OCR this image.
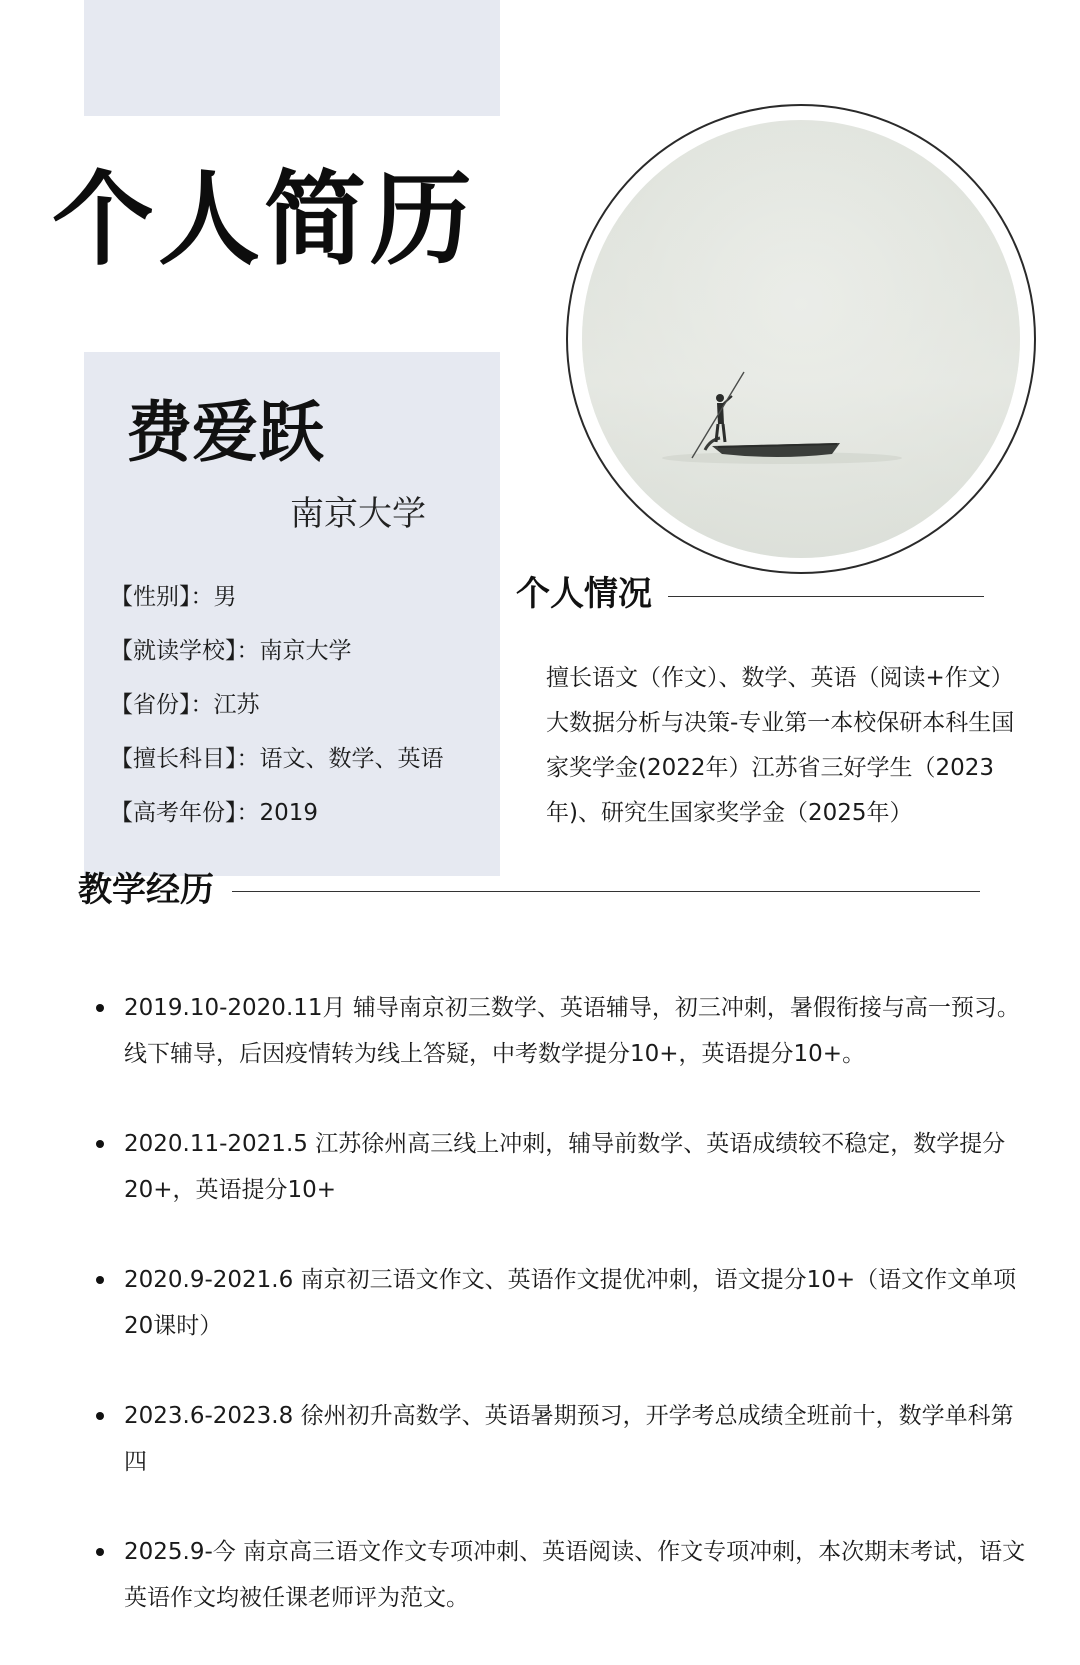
个人简历
费爱跃
南京大学
【性别】：男
【就读学校】：南京大学
【省份】：江苏
【擅长科目】：语文、数学、英语
【高考年份】：2019
个人情况

擅长语文（作文）、数学、英语（阅读+作文）大数据分析与决策-专业第一本校保研本科生国家奖学金(2022年）江苏省三好学生（2023年)、研究生国家奖学金（2025年）

教学经历
2019.10-2020.11月 辅导南京初三数学、英语辅导，初三冲刺，暑假衔接与高一预习。线下辅导，后因疫情转为线上答疑，中考数学提分10+，英语提分10+。
2020.11-2021.5 江苏徐州高三线上冲刺，辅导前数学、英语成绩较不稳定，数学提分20+，英语提分10+
2020.9-2021.6 南京初三语文作文、英语作文提优冲刺，语文提分10+（语文作文单项20课时）
2023.6-2023.8 徐州初升高数学、英语暑期预习，开学考总成绩全班前十，数学单科第四
2025.9-今 南京高三语文作文专项冲刺、英语阅读、作文专项冲刺，本次期末考试，语文英语作文均被任课老师评为范文。
